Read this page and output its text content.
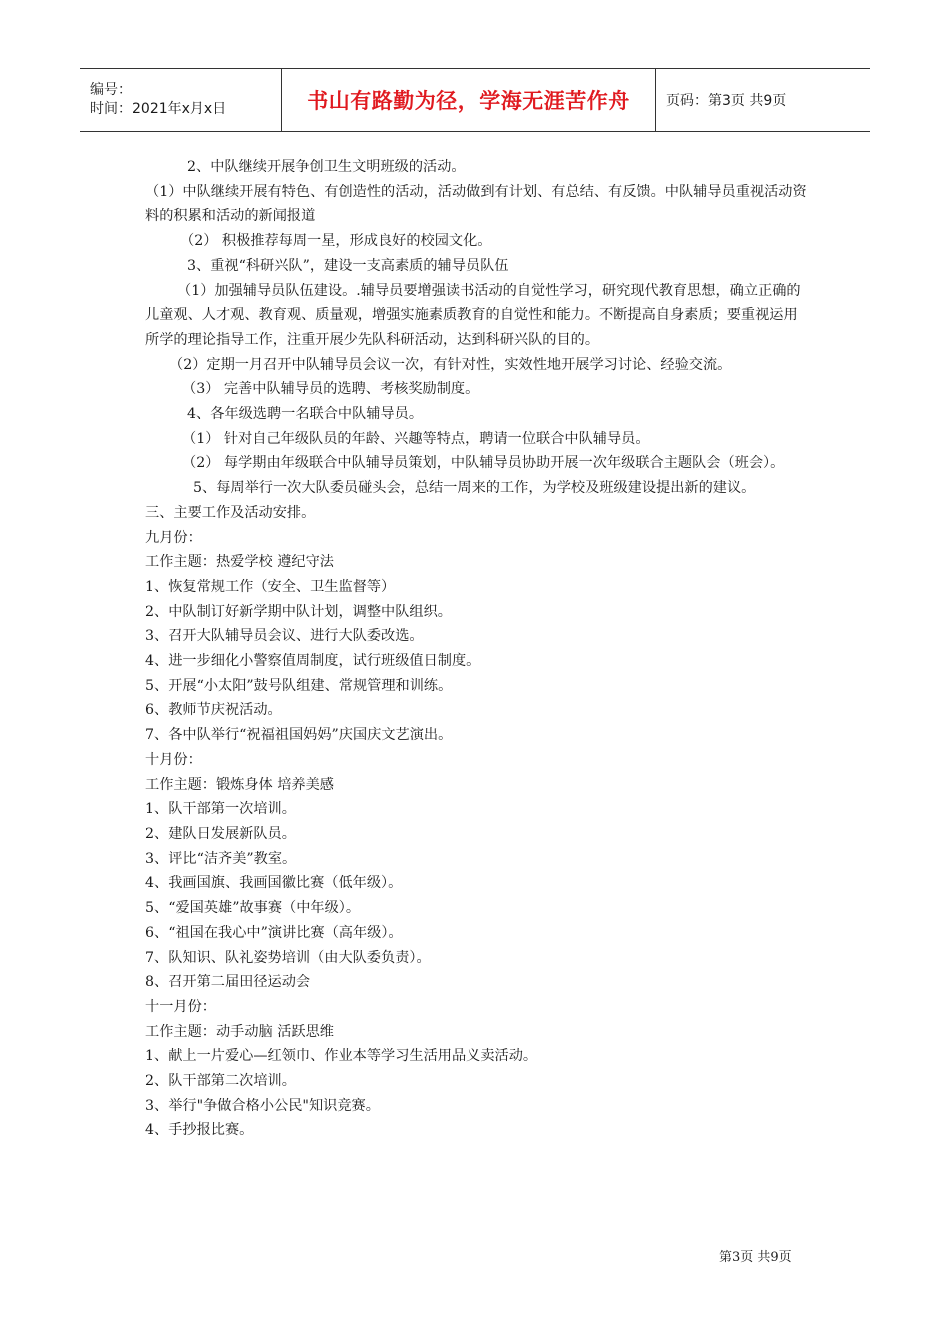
编号：
时间：2021年x月x日	书山有路勤为径，学海无涯苦作舟	页码：第3页 共9页

2、中队继续开展争创卫生文明班级的活动。

（1）中队继续开展有特色、有创造性的活动，活动做到有计划、有总结、有反馈。中队辅导员重视活动资料的积累和活动的新闻报道

（2） 积极推荐每周一星，形成良好的校园文化。

3、重视“科研兴队”，建设一支高素质的辅导员队伍

（1）加强辅导员队伍建设。.辅导员要增强读书活动的自觉性学习，研究现代教育思想，确立正确的儿童观、人才观、教育观、质量观，增强实施素质教育的自觉性和能力。不断提高自身素质；要重视运用所学的理论指导工作，注重开展少先队科研活动，达到科研兴队的目的。

（2）定期一月召开中队辅导员会议一次，有针对性，实效性地开展学习讨论、经验交流。

（3） 完善中队辅导员的选聘、考核奖励制度。

4、各年级选聘一名联合中队辅导员。

（1） 针对自己年级队员的年龄、兴趣等特点，聘请一位联合中队辅导员。

（2） 每学期由年级联合中队辅导员策划，中队辅导员协助开展一次年级联合主题队会（班会）。

5、每周举行一次大队委员碰头会，总结一周来的工作，为学校及班级建设提出新的建议。

三、主要工作及活动安排。

九月份：

工作主题：热爱学校 遵纪守法

1、恢复常规工作（安全、卫生监督等）

2、中队制订好新学期中队计划，调整中队组织。

3、召开大队辅导员会议、进行大队委改选。

4、进一步细化小警察值周制度，试行班级值日制度。

5、开展“小太阳”鼓号队组建、常规管理和训练。

6、教师节庆祝活动。

7、各中队举行“祝福祖国妈妈”庆国庆文艺演出。

十月份：

工作主题：锻炼身体 培养美感

1、队干部第一次培训。

2、建队日发展新队员。

3、评比“洁齐美”教室。

4、我画国旗、我画国徽比赛（低年级）。

5、“爱国英雄”故事赛（中年级）。

6、“祖国在我心中”演讲比赛（高年级）。

7、队知识、队礼姿势培训（由大队委负责）。

8、召开第二届田径运动会

十一月份：

工作主题：动手动脑 活跃思维

1、献上一片爱心—红领巾、作业本等学习生活用品义卖活动。

2、队干部第二次培训。

3、举行"争做合格小公民"知识竞赛。

4、手抄报比赛。

第3页 共9页
